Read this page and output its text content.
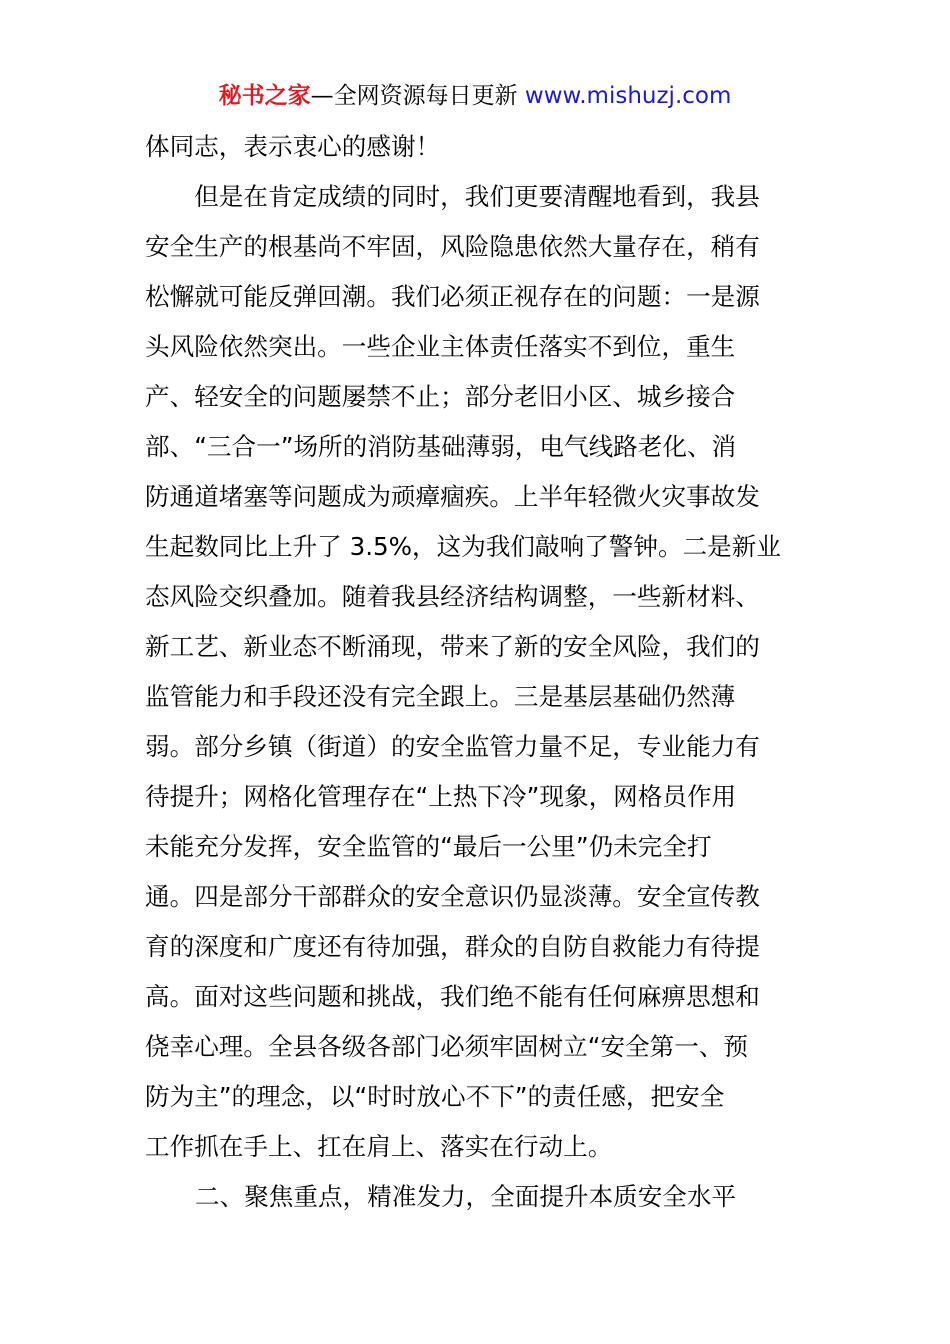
秘书之家—全网资源每日更新 www.mishuzj.com
体同志，表示衷心的感谢！
　　但是在肯定成绩的同时，我们更要清醒地看到，我县
安全生产的根基尚不牢固，风险隐患依然大量存在，稍有
松懈就可能反弹回潮。我们必须正视存在的问题：一是源
头风险依然突出。一些企业主体责任落实不到位，重生
产、轻安全的问题屡禁不止；部分老旧小区、城乡接合
部、“三合一”场所的消防基础薄弱，电气线路老化、消
防通道堵塞等问题成为顽瘴痼疾。上半年轻微火灾事故发
生起数同比上升了 3.5%，这为我们敲响了警钟。二是新业
态风险交织叠加。随着我县经济结构调整，一些新材料、
新工艺、新业态不断涌现，带来了新的安全风险，我们的
监管能力和手段还没有完全跟上。三是基层基础仍然薄
弱。部分乡镇（街道）的安全监管力量不足，专业能力有
待提升；网格化管理存在“上热下冷”现象，网格员作用
未能充分发挥，安全监管的“最后一公里”仍未完全打
通。四是部分干部群众的安全意识仍显淡薄。安全宣传教
育的深度和广度还有待加强，群众的自防自救能力有待提
高。面对这些问题和挑战，我们绝不能有任何麻痹思想和
侥幸心理。全县各级各部门必须牢固树立“安全第一、预
防为主”的理念，以“时时放心不下”的责任感，把安全
工作抓在手上、扛在肩上、落实在行动上。
二、聚焦重点，精准发力，全面提升本质安全水平
